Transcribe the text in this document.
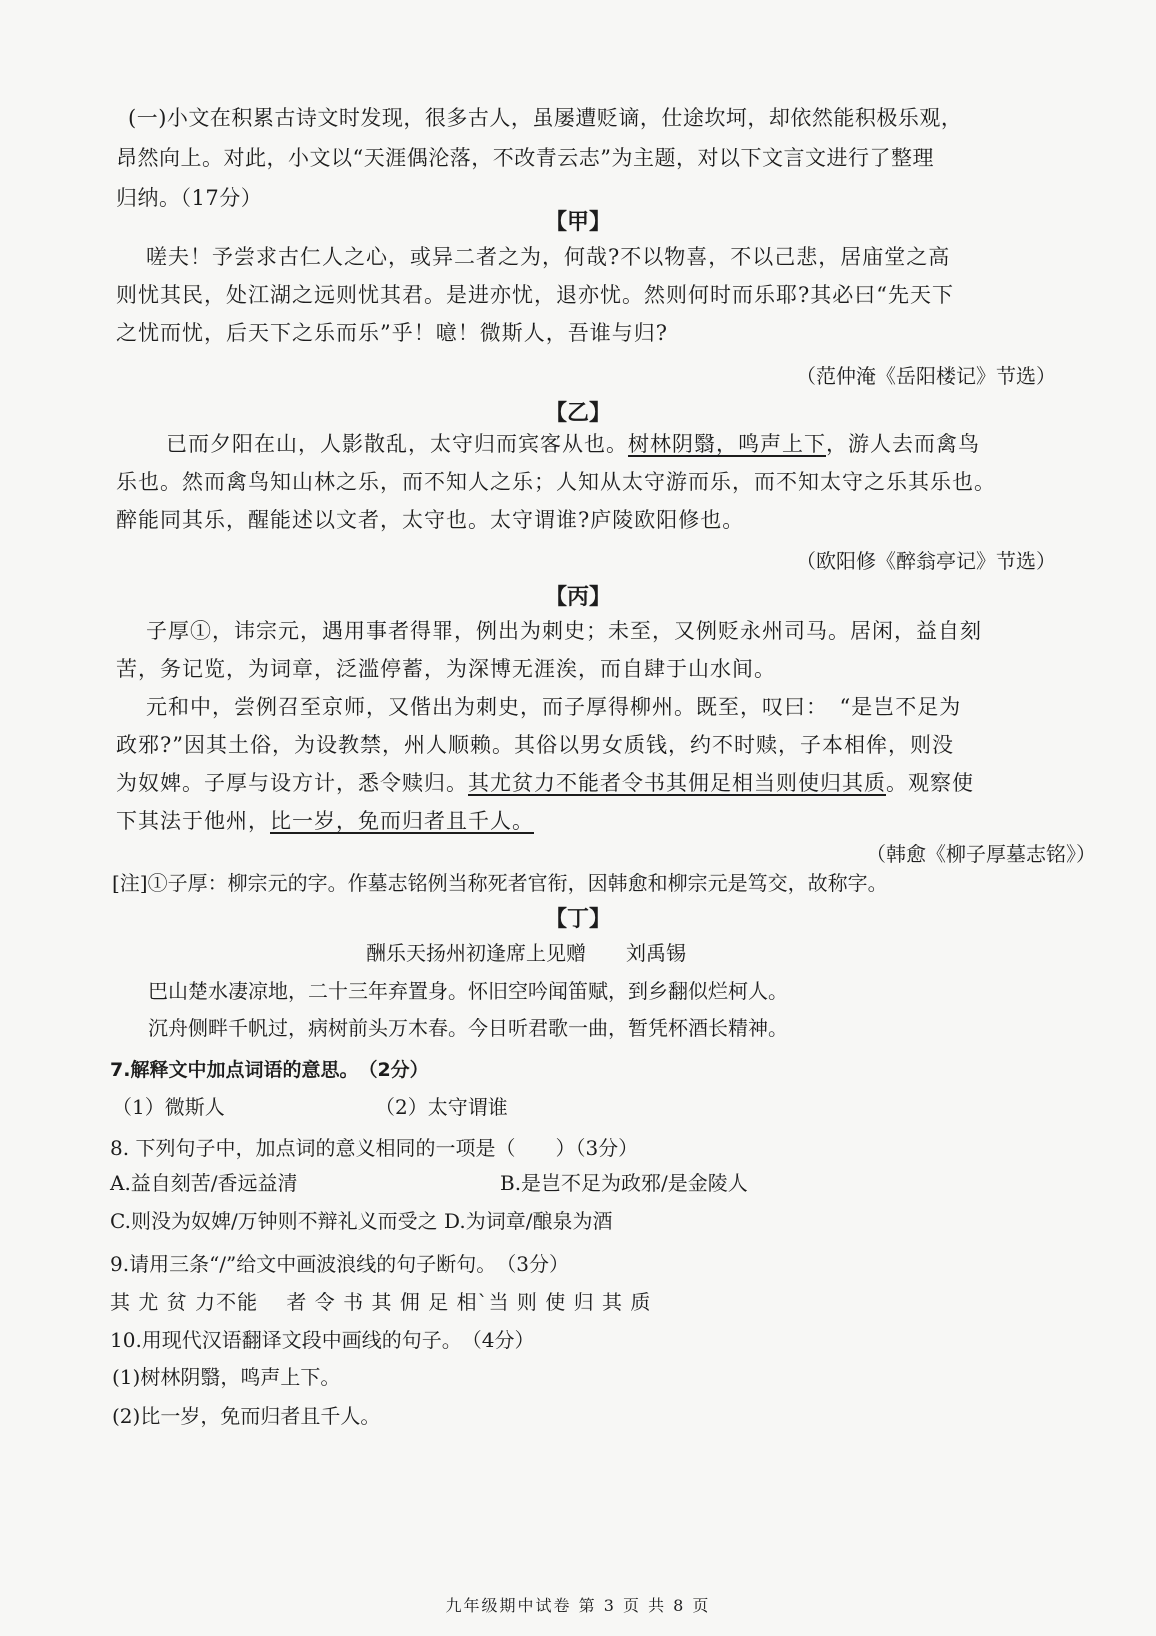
(一)小文在积累古诗文时发现，很多古人，虽屡遭贬谪，仕途坎坷，却依然能积极乐观，
昂然向上。对此，小文以“天涯偶沦落，不改青云志”为主题，对以下文言文进行了整理
归纳。（17分）
【甲】
嗟夫！予尝求古仁人之心，或异二者之为，何哉?不以物喜，不以己悲，居庙堂之高
则忧其民，处江湖之远则忧其君。是进亦忧，退亦忧。然则何时而乐耶?其必曰“先天下
之忧而忧，后天下之乐而乐”乎！噫！微斯人，吾谁与归?
（范仲淹《岳阳楼记》节选）
【乙】
已而夕阳在山，人影散乱，太守归而宾客从也。树林阴翳，鸣声上下，游人去而禽鸟
乐也。然而禽鸟知山林之乐，而不知人之乐；人知从太守游而乐，而不知太守之乐其乐也。
醉能同其乐，醒能述以文者，太守也。太守谓谁?庐陵欧阳修也。
（欧阳修《醉翁亭记》节选）
【丙】
子厚①，讳宗元，遇用事者得罪，例出为刺史；未至，又例贬永州司马。居闲，益自刻
苦，务记览，为词章，泛滥停蓄，为深博无涯涘，而自肆于山水间。
元和中，尝例召至京师，又偕出为刺史，而子厚得柳州。既至，叹曰：　“是岂不足为
政邪?”因其土俗，为设教禁，州人顺赖。其俗以男女质钱，约不时赎，子本相侔，则没
为奴婢。子厚与设方计，悉令赎归。其尤贫力不能者令书其佣足相当则使归其质。观察使
下其法于他州，比一岁，免而归者且千人。
（韩愈《柳子厚墓志铭》）
[注]①子厚：柳宗元的字。作墓志铭例当称死者官衔，因韩愈和柳宗元是笃交，故称字。
【丁】
酬乐天扬州初逢席上见赠　　刘禹锡
巴山楚水凄凉地，二十三年弃置身。怀旧空吟闻笛赋，到乡翻似烂柯人。
沉舟侧畔千帆过，病树前头万木春。今日听君歌一曲，暂凭杯酒长精神。
7.解释文中加点词语的意思。　（2分）
（1）微斯人	（2）太守谓谁
8. 下列句子中，加点词的意义相同的一项是（　　）（3分）
A.益自刻苦/香远益清	B.是岂不足为政邪/是金陵人
C.则没为奴婢/万钟则不辩礼义而受之 D.为词章/酿泉为酒
9.请用三条“/”给文中画波浪线的句子断句。　（3分）
其 尤 贫 力不能　 者 令 书 其 佣 足 相`当 则 使 归 其 质
10.用现代汉语翻译文段中画线的句子。　（4分）
(1)树林阴翳，鸣声上下。
(2)比一岁，免而归者且千人。
九年级期中试卷 第 3 页 共 8 页
